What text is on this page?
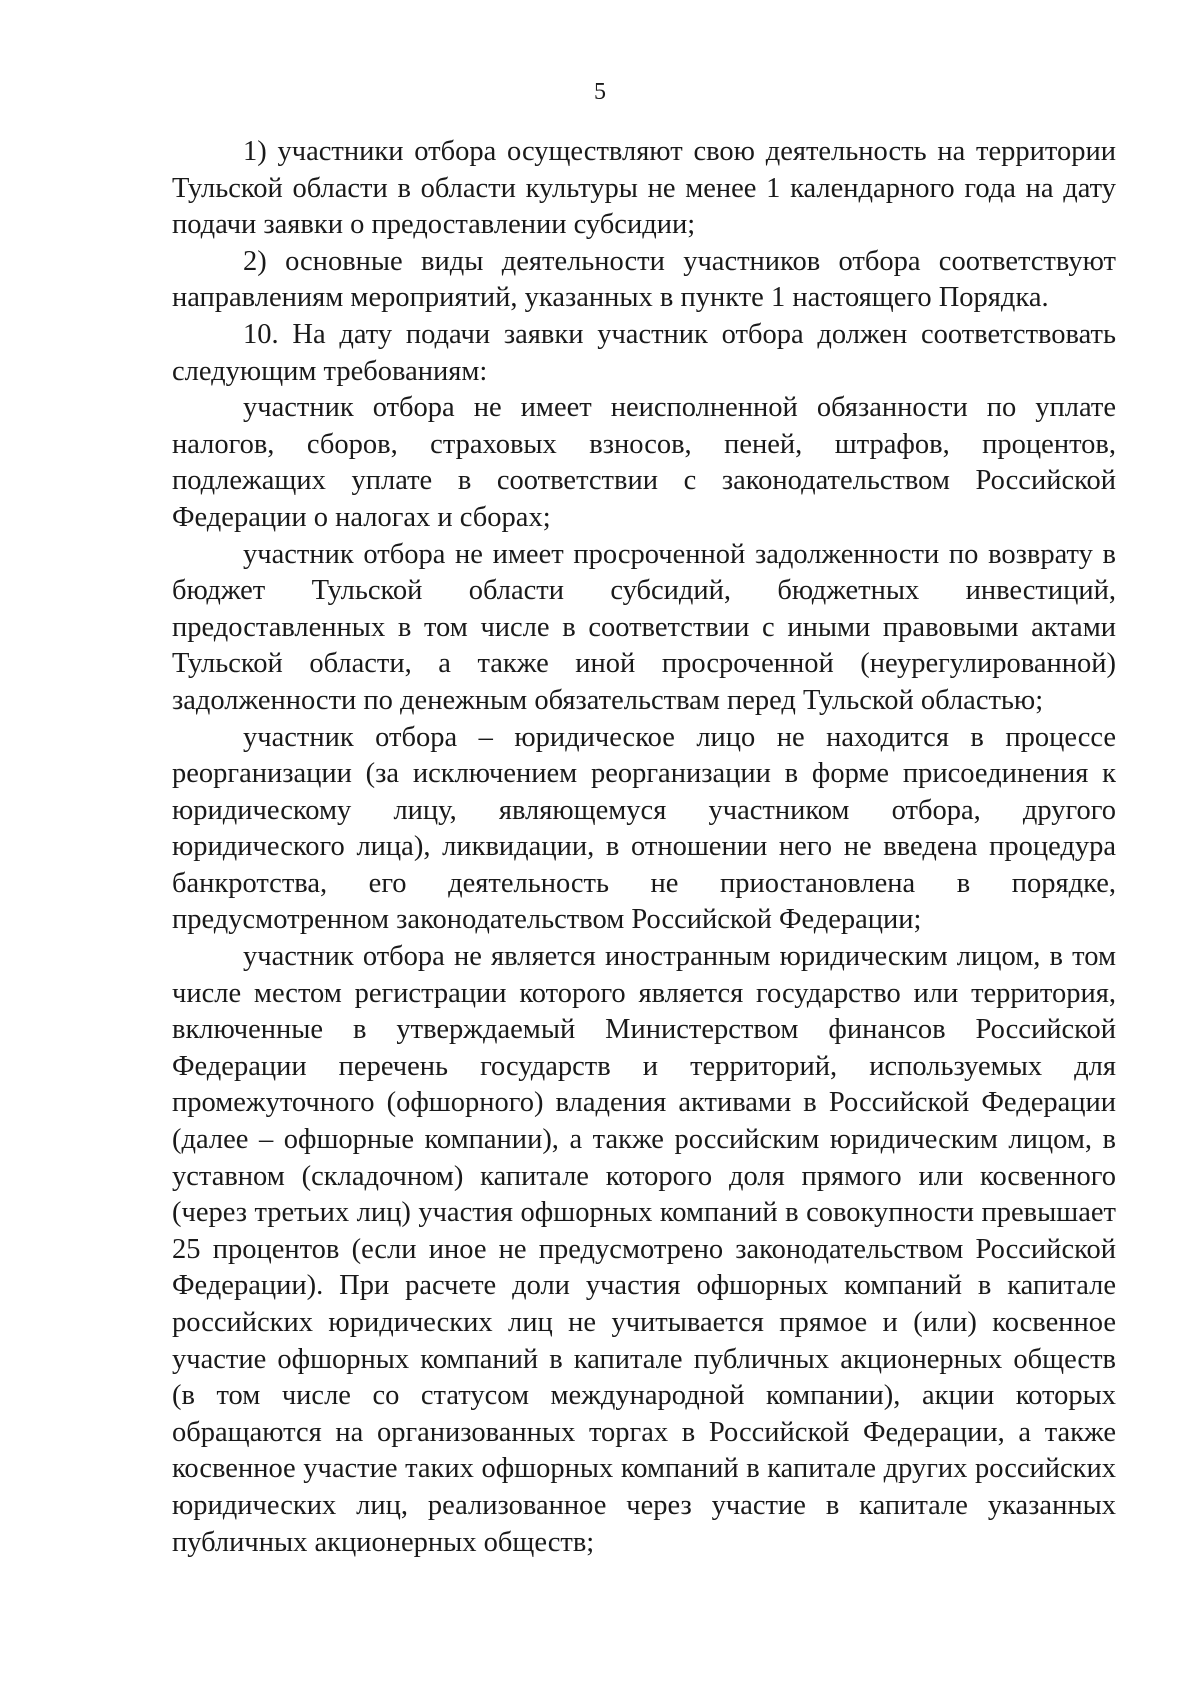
5

1) участники отбора осуществляют свою деятельность на территории Тульской области в области культуры не менее 1 календарного года на дату подачи заявки о предоставлении субсидии;

2) основные виды деятельности участников отбора соответствуют направлениям мероприятий, указанных в пункте 1 настоящего Порядка.

10. На дату подачи заявки участник отбора должен соответствовать следующим требованиям:

участник отбора не имеет неисполненной обязанности по уплате налогов, сборов, страховых взносов, пеней, штрафов, процентов, подлежащих уплате в соответствии с законодательством Российской Федерации о налогах и сборах;

участник отбора не имеет просроченной задолженности по возврату в бюджет Тульской области субсидий, бюджетных инвестиций, предоставленных в том числе в соответствии с иными правовыми актами Тульской области, а также иной просроченной (неурегулированной) задолженности по денежным обязательствам перед Тульской областью;

участник отбора – юридическое лицо не находится в процессе реорганизации (за исключением реорганизации в форме присоединения к юридическому лицу, являющемуся участником отбора, другого юридического лица), ликвидации, в отношении него не введена процедура банкротства, его деятельность не приостановлена в порядке, предусмотренном законодательством Российской Федерации;

участник отбора не является иностранным юридическим лицом, в том числе местом регистрации которого является государство или территория, включенные в утверждаемый Министерством финансов Российской Федерации перечень государств и территорий, используемых для промежуточного (офшорного) владения активами в Российской Федерации (далее – офшорные компании), а также российским юридическим лицом, в уставном (складочном) капитале которого доля прямого или косвенного (через третьих лиц) участия офшорных компаний в совокупности превышает 25 процентов (если иное не предусмотрено законодательством Российской Федерации). При расчете доли участия офшорных компаний в капитале российских юридических лиц не учитывается прямое и (или) косвенное участие офшорных компаний в капитале публичных акционерных обществ (в том числе со статусом международной компании), акции которых обращаются на организованных торгах в Российской Федерации, а также косвенное участие таких офшорных компаний в капитале других российских юридических лиц, реализованное через участие в капитале указанных публичных акционерных обществ;
